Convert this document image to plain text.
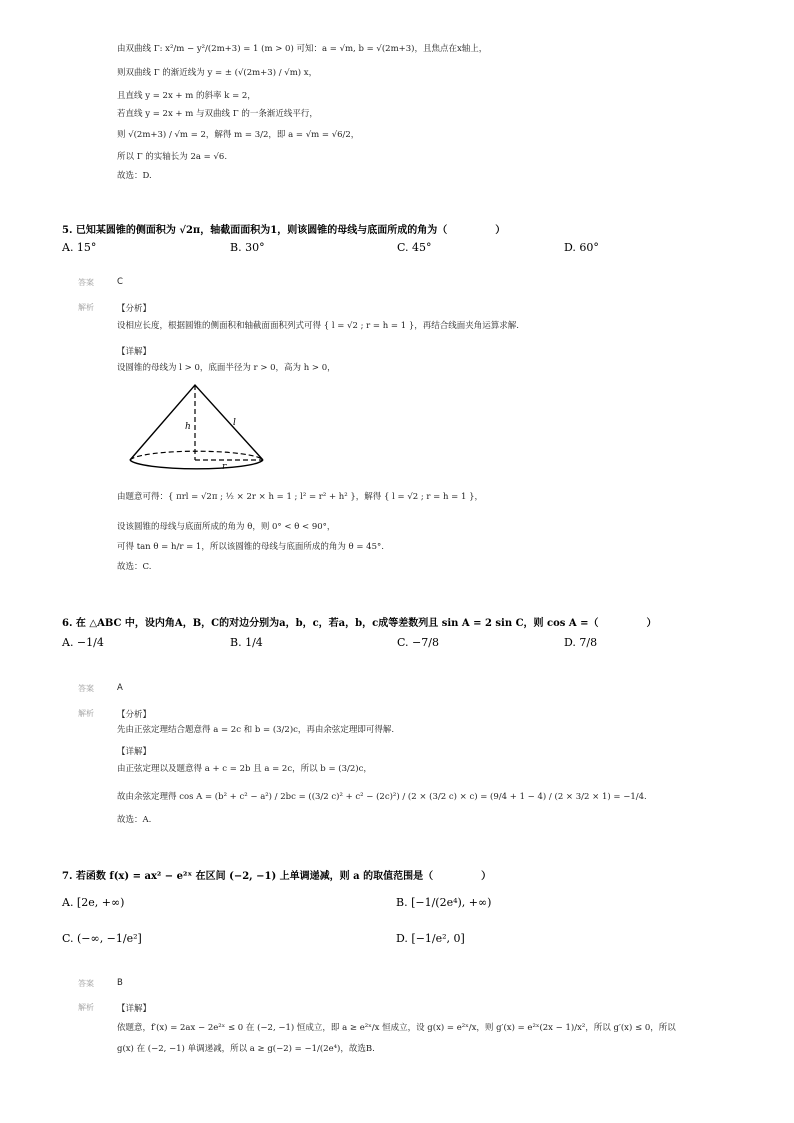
由双曲线 Γ: x²/m − y²/(2m+3) = 1 (m > 0) 可知：a = √m, b = √(2m+3)，且焦点在x轴上，
则双曲线 Γ 的渐近线为 y = ± (√(2m+3) / √m) x，
且直线 y = 2x + m 的斜率 k = 2，
若直线 y = 2x + m 与双曲线 Γ 的一条渐近线平行，
则 √(2m+3) / √m = 2，解得 m = 3/2，即 a = √m = √6/2，
所以 Γ 的实轴长为 2a = √6.
故选：D.
5. 已知某圆锥的侧面积为 √2π，轴截面面积为1，则该圆锥的母线与底面所成的角为（	）
A. 15°	B. 30°	C. 45°	D. 60°
答案	C
解析	【分析】
设相应长度，根据圆锥的侧面积和轴截面面积列式可得 { l = √2 ; r = h = 1 }，再结合线面夹角运算求解.
【详解】
设圆锥的母线为 l > 0，底面半径为 r > 0，高为 h > 0，
h	l
r
由题意可得：{ πrl = √2π ; ½ × 2r × h = 1 ; l² = r² + h² }，解得 { l = √2 ; r = h = 1 }，
设该圆锥的母线与底面所成的角为 θ，则 0° < θ < 90°，
可得 tan θ = h/r = 1，所以该圆锥的母线与底面所成的角为 θ = 45°.
故选：C.
6. 在 △ABC 中，设内角A，B，C的对边分别为a，b，c，若a，b，c成等差数列且 sin A = 2 sin C，则 cos A =（	）
A. −1/4	B. 1/4	C. −7/8	D. 7/8
答案	A
解析	【分析】
先由正弦定理结合题意得 a = 2c 和 b = (3/2)c，再由余弦定理即可得解.
【详解】
由正弦定理以及题意得 a + c = 2b 且 a = 2c，所以 b = (3/2)c，
故由余弦定理得 cos A = (b² + c² − a²) / 2bc = ((3/2 c)² + c² − (2c)²) / (2 × (3/2 c) × c) = (9/4 + 1 − 4) / (2 × 3/2 × 1) = −1/4.
故选：A.
7. 若函数 f(x) = ax² − e²ˣ 在区间 (−2, −1) 上单调递减，则 a 的取值范围是（	）
A. [2e, +∞)	B. [−1/(2e⁴), +∞)
C. (−∞, −1/e²]	D. [−1/e², 0]
答案	B
解析	【详解】
依题意，f′(x) = 2ax − 2e²ˣ ≤ 0 在 (−2, −1) 恒成立，即 a ≥ e²ˣ/x 恒成立，设 g(x) = e²ˣ/x，则 g′(x) = e²ˣ(2x − 1)/x²，所以 g′(x) ≤ 0，所以
g(x) 在 (−2, −1) 单调递减，所以 a ≥ g(−2) = −1/(2e⁴)，故选B.
